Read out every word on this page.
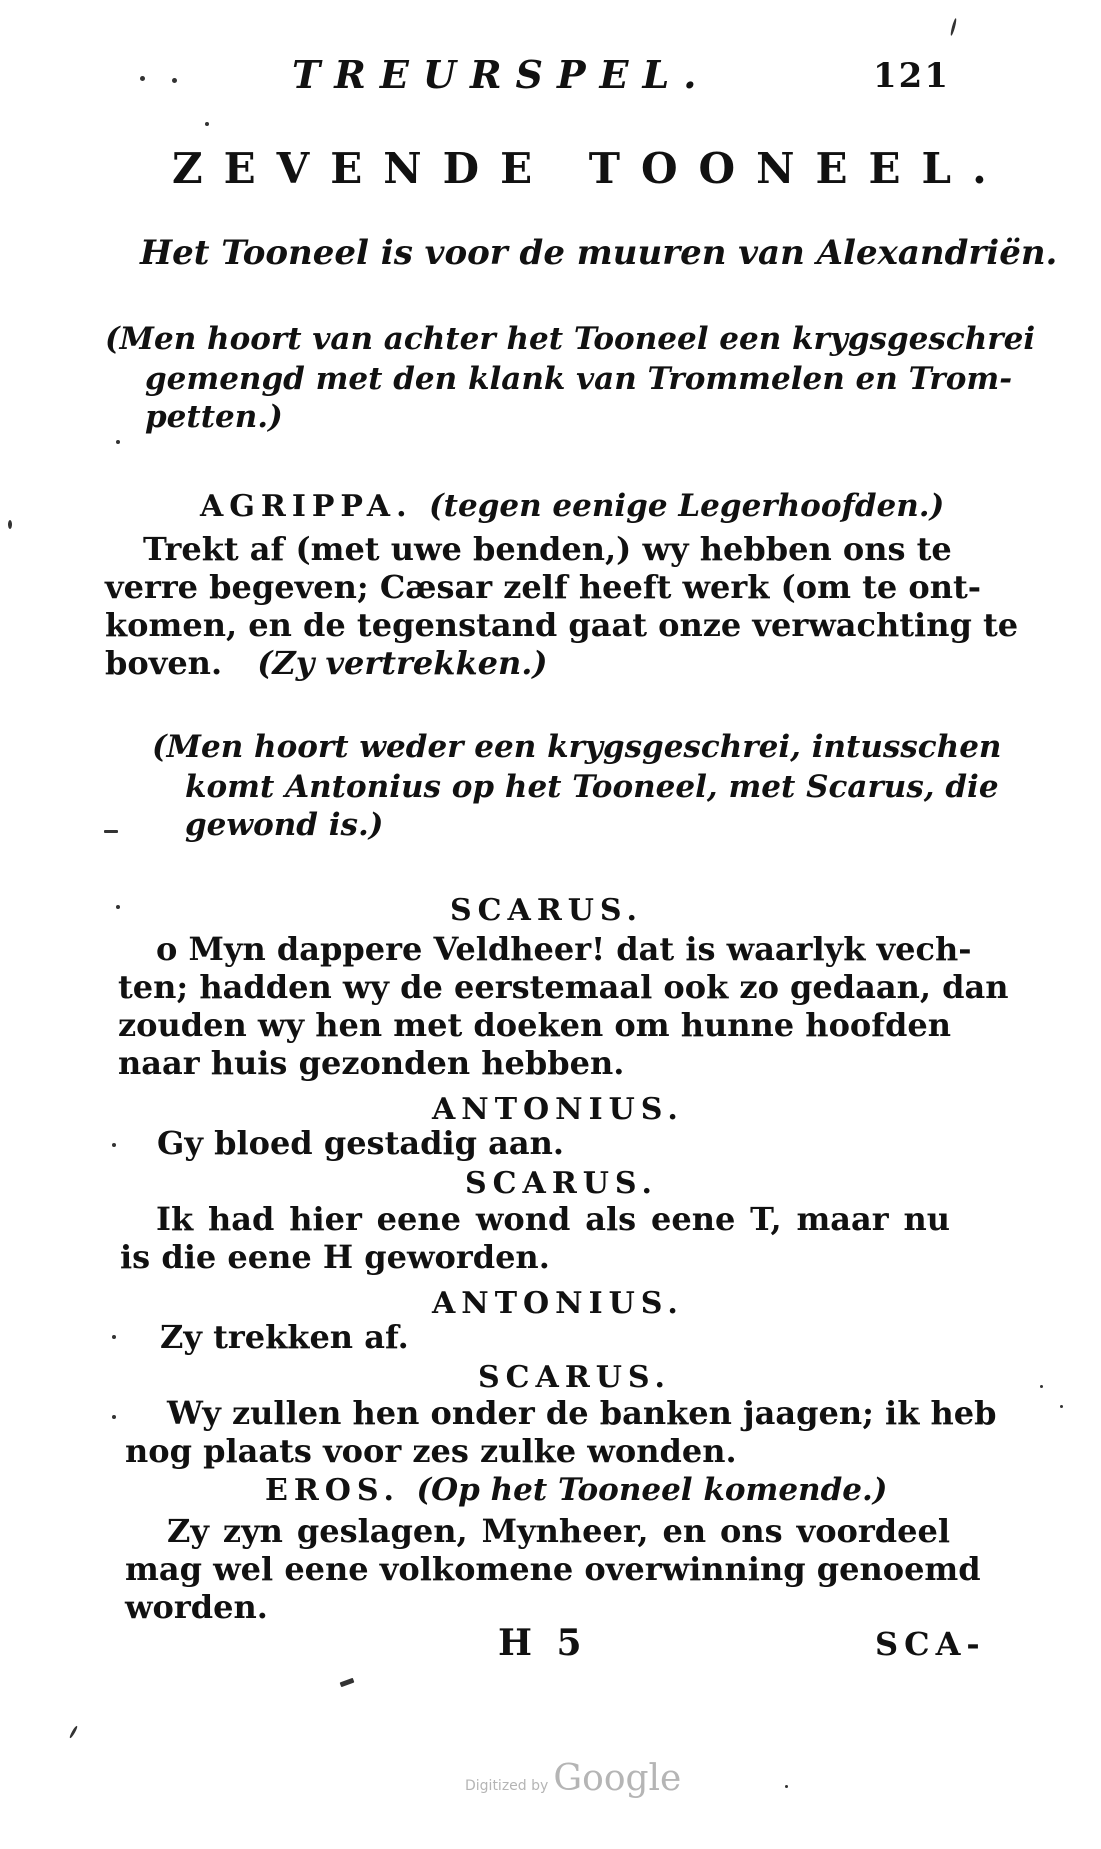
TREURSPEL.	121
ZEVENDE TOONEEL.
Het Tooneel is voor de muuren van Alexandriën.
(Men hoort van achter het Tooneel een krygsgeschrei
gemengd met den klank van Trommelen en Trom-
petten.)
AGRIPPA. (tegen eenige Legerhoofden.)
Trekt af (met uwe benden,) wy hebben ons te
verre begeven; Cæsar zelf heeft werk (om te ont-
komen, en de tegenstand gaat onze verwachting te
boven. (Zy vertrekken.)
(Men hoort weder een krygsgeschrei, intusschen
komt Antonius op het Tooneel, met Scarus, die
gewond is.)
SCARUS.
o Myn dappere Veldheer! dat is waarlyk vech-
ten; hadden wy de eerstemaal ook zo gedaan, dan
zouden wy hen met doeken om hunne hoofden
naar huis gezonden hebben.
ANTONIUS.
Gy bloed gestadig aan.
SCARUS.
Ik had hier eene wond als eene T, maar nu
is die eene H geworden.
ANTONIUS.
Zy trekken af.
SCARUS.
Wy zullen hen onder de banken jaagen; ik heb
nog plaats voor zes zulke wonden.
EROS. (Op het Tooneel komende.)
Zy zyn geslagen, Mynheer, en ons voordeel
mag wel eene volkomene overwinning genoemd
worden.
H 5	SCA-
Digitized by Google
